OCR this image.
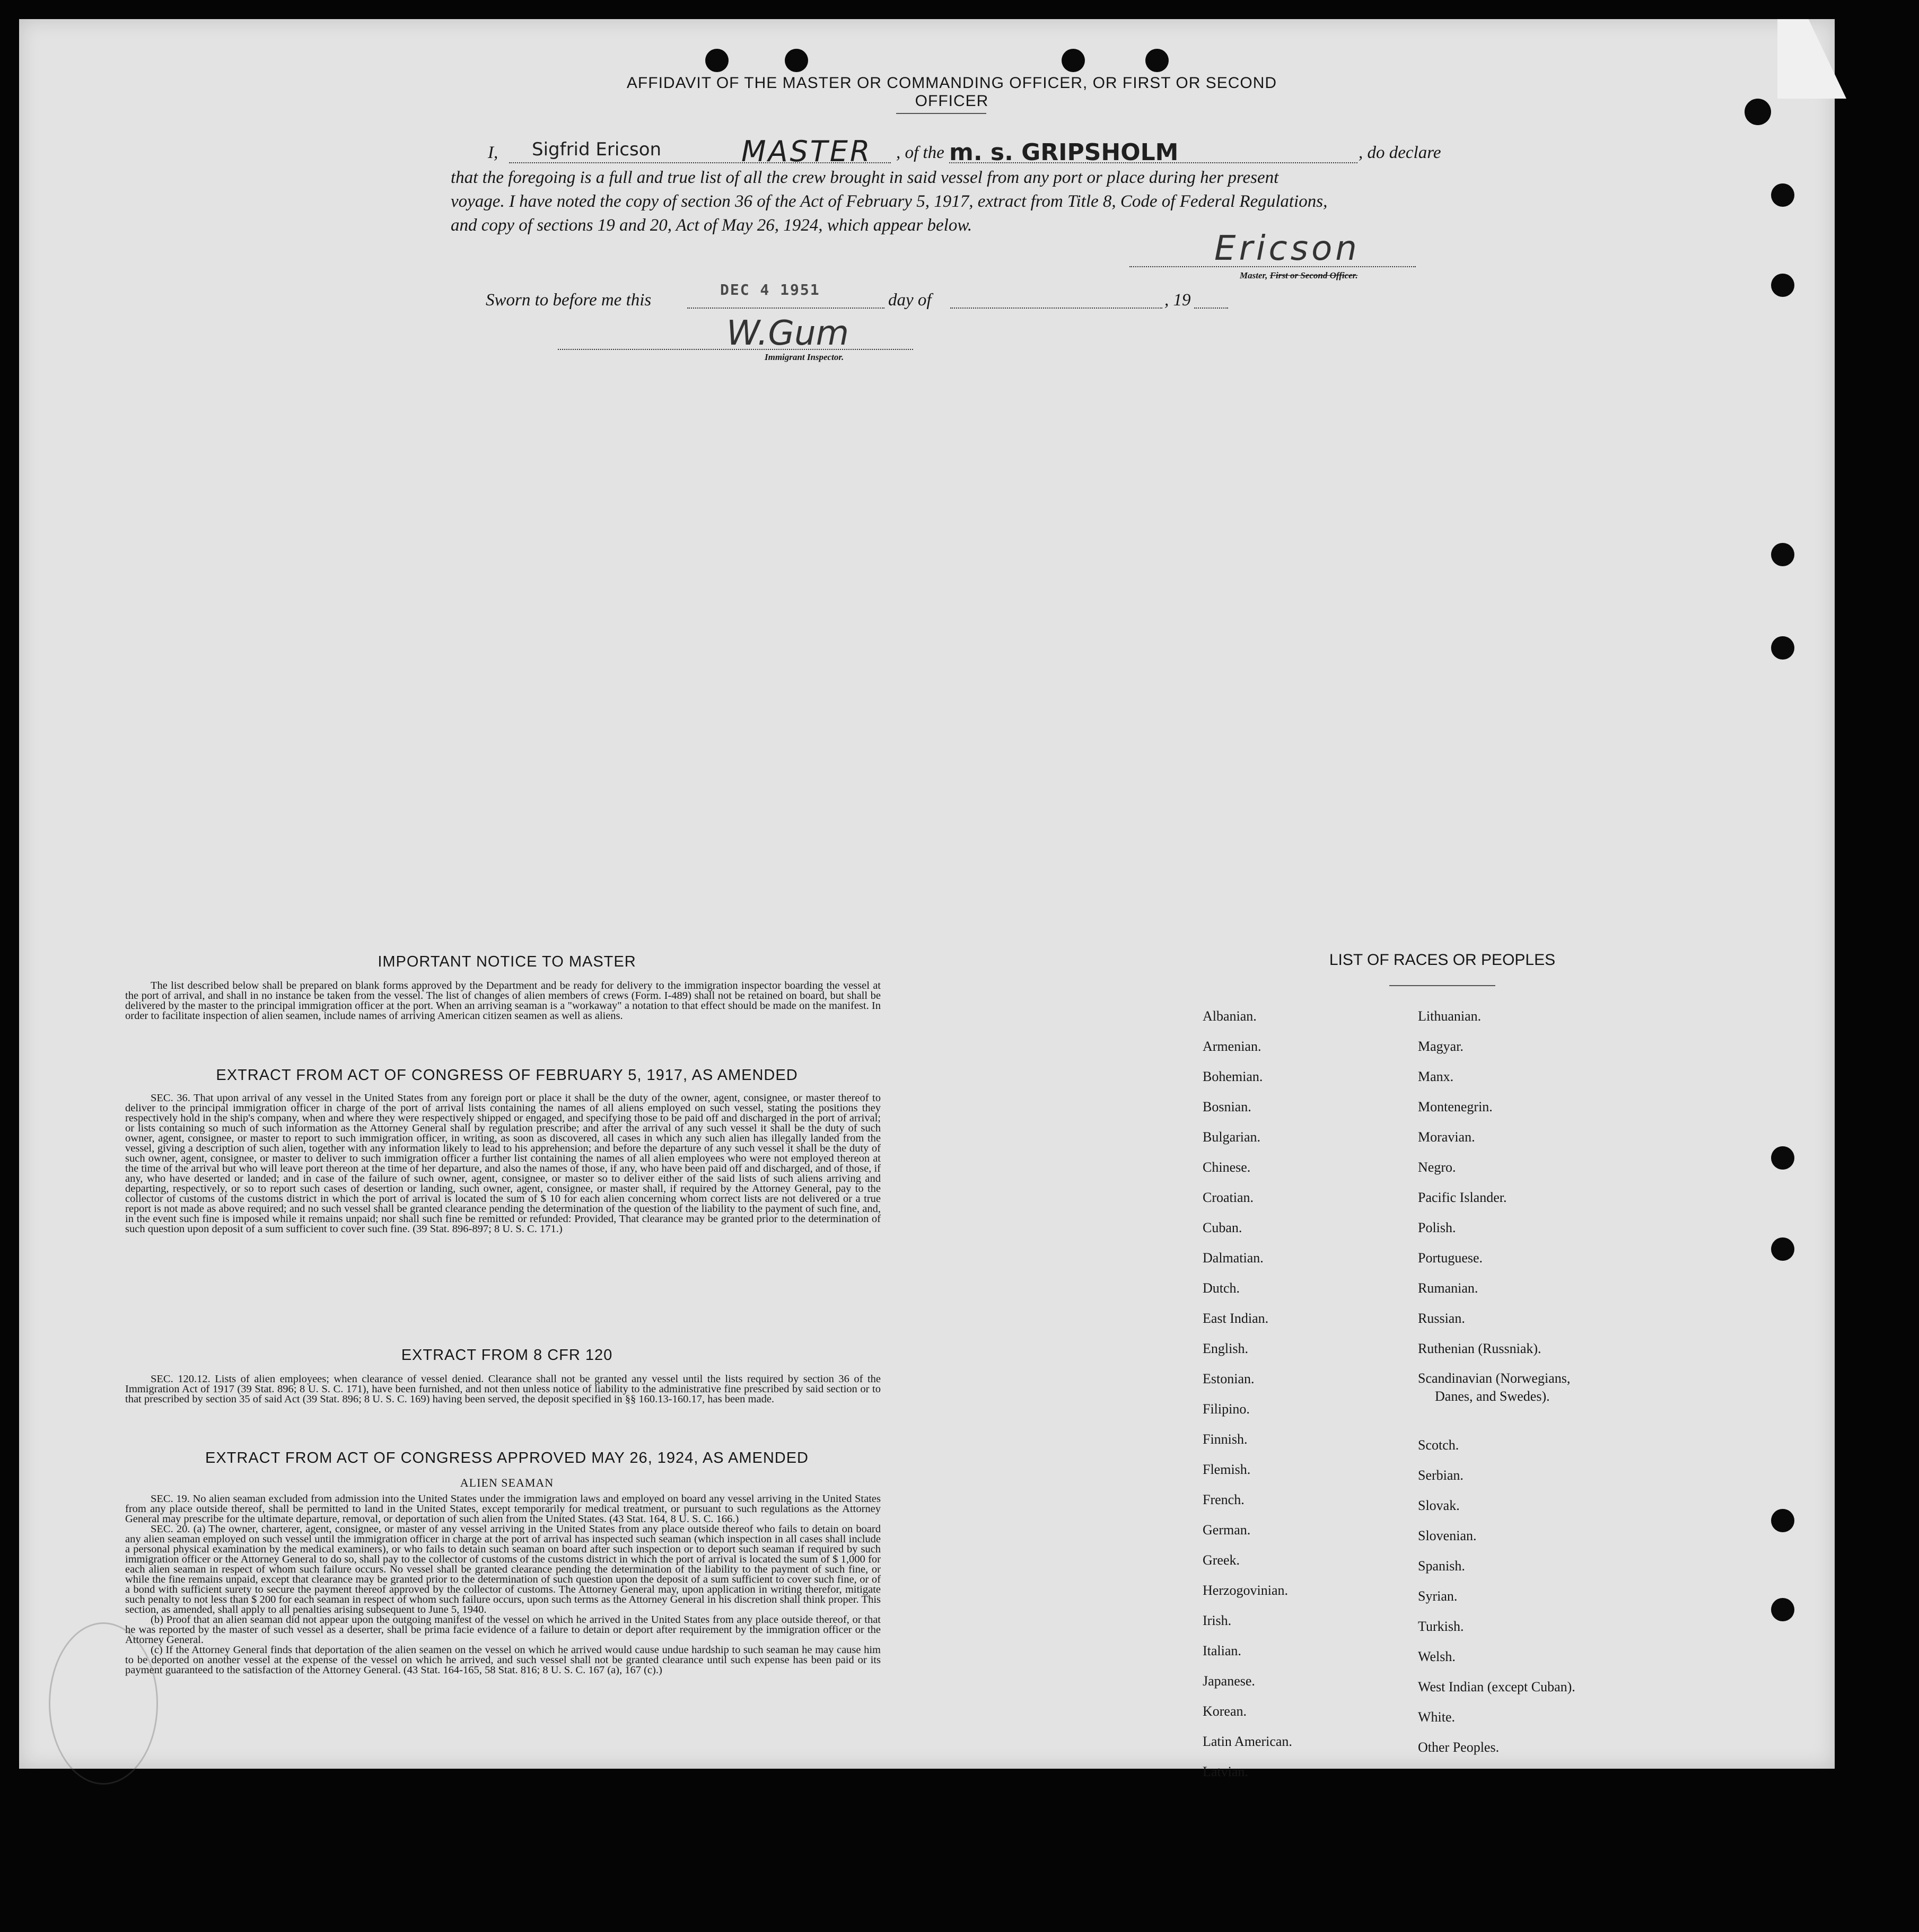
AFFIDAVIT OF THE MASTER OR COMMANDING OFFICER, OR FIRST OR SECOND OFFICER
I, Sigfrid Ericson	MASTER , of the m. s. GRIPSHOLM	, do declare
that the foregoing is a full and true list of all the crew brought in said vessel from any port or place during her present
voyage. I have noted the copy of section 36 of the Act of February 5, 1917, extract from Title 8, Code of Federal Regulations,
and copy of sections 19 and 20, Act of May 26, 1924, which appear below.
Ericson
Master, First or Second Officer.
Sworn to before me this
DEC 4 1951
day of	, 19
W.Gum
Immigrant Inspector.
IMPORTANT NOTICE TO MASTER

The list described below shall be prepared on blank forms approved by the Department and be ready for delivery to the immigration inspector boarding the vessel at the port of arrival, and shall in no instance be taken from the vessel. The list of changes of alien members of crews (Form. I-489) shall not be retained on board, but shall be delivered by the master to the principal immigration officer at the port. When an arriving seaman is a "workaway" a notation to that effect should be made on the manifest. In order to facilitate inspection of alien seamen, include names of arriving American citizen seamen as well as aliens.

EXTRACT FROM ACT OF CONGRESS OF FEBRUARY 5, 1917, AS AMENDED

SEC. 36. That upon arrival of any vessel in the United States from any foreign port or place it shall be the duty of the owner, agent, consignee, or master thereof to deliver to the principal immigration officer in charge of the port of arrival lists containing the names of all aliens employed on such vessel, stating the positions they respectively hold in the ship's company, when and where they were respectively shipped or engaged, and specifying those to be paid off and discharged in the port of arrival; or lists containing so much of such information as the Attorney General shall by regulation prescribe; and after the arrival of any such vessel it shall be the duty of such owner, agent, consignee, or master to report to such immigration officer, in writing, as soon as discovered, all cases in which any such alien has illegally landed from the vessel, giving a description of such alien, together with any information likely to lead to his apprehension; and before the departure of any such vessel it shall be the duty of such owner, agent, consignee, or master to deliver to such immigration officer a further list containing the names of all alien employees who were not employed thereon at the time of the arrival but who will leave port thereon at the time of her departure, and also the names of those, if any, who have been paid off and discharged, and of those, if any, who have deserted or landed; and in case of the failure of such owner, agent, consignee, or master so to deliver either of the said lists of such aliens arriving and departing, respectively, or so to report such cases of desertion or landing, such owner, agent, consignee, or master shall, if required by the Attorney General, pay to the collector of customs of the customs district in which the port of arrival is located the sum of $ 10 for each alien concerning whom correct lists are not delivered or a true report is not made as above required; and no such vessel shall be granted clearance pending the determination of the question of the liability to the payment of such fine, and, in the event such fine is imposed while it remains unpaid; nor shall such fine be remitted or refunded: Provided, That clearance may be granted prior to the determination of such question upon deposit of a sum sufficient to cover such fine. (39 Stat. 896-897; 8 U. S. C. 171.)

EXTRACT FROM 8 CFR 120

SEC. 120.12. Lists of alien employees; when clearance of vessel denied. Clearance shall not be granted any vessel until the lists required by section 36 of the Immigration Act of 1917 (39 Stat. 896; 8 U. S. C. 171), have been furnished, and not then unless notice of liability to the administrative fine prescribed by said section or to that prescribed by section 35 of said Act (39 Stat. 896; 8 U. S. C. 169) having been served, the deposit specified in §§ 160.13-160.17, has been made.

EXTRACT FROM ACT OF CONGRESS APPROVED MAY 26, 1924, AS AMENDED
ALIEN SEAMAN

SEC. 19. No alien seaman excluded from admission into the United States under the immigration laws and employed on board any vessel arriving in the United States from any place outside thereof, shall be permitted to land in the United States, except temporarily for medical treatment, or pursuant to such regulations as the Attorney General may prescribe for the ultimate departure, removal, or deportation of such alien from the United States. (43 Stat. 164, 8 U. S. C. 166.)

SEC. 20. (a) The owner, charterer, agent, consignee, or master of any vessel arriving in the United States from any place outside thereof who fails to detain on board any alien seaman employed on such vessel until the immigration officer in charge at the port of arrival has inspected such seaman (which inspection in all cases shall include a personal physical examination by the medical examiners), or who fails to detain such seaman on board after such inspection or to deport such seaman if required by such immigration officer or the Attorney General to do so, shall pay to the collector of customs of the customs district in which the port of arrival is located the sum of $ 1,000 for each alien seaman in respect of whom such failure occurs. No vessel shall be granted clearance pending the determination of the liability to the payment of such fine, or while the fine remains unpaid, except that clearance may be granted prior to the determination of such question upon the deposit of a sum sufficient to cover such fine, or of a bond with sufficient surety to secure the payment thereof approved by the collector of customs. The Attorney General may, upon application in writing therefor, mitigate such penalty to not less than $ 200 for each seaman in respect of whom such failure occurs, upon such terms as the Attorney General in his discretion shall think proper. This section, as amended, shall apply to all penalties arising subsequent to June 5, 1940.

(b) Proof that an alien seaman did not appear upon the outgoing manifest of the vessel on which he arrived in the United States from any place outside thereof, or that he was reported by the master of such vessel as a deserter, shall be prima facie evidence of a failure to detain or deport after requirement by the immigration officer or the Attorney General.

(c) If the Attorney General finds that deportation of the alien seamen on the vessel on which he arrived would cause undue hardship to such seaman he may cause him to be deported on another vessel at the expense of the vessel on which he arrived, and such vessel shall not be granted clearance until such expense has been paid or its payment guaranteed to the satisfaction of the Attorney General. (43 Stat. 164-165, 58 Stat. 816; 8 U. S. C. 167 (a), 167 (c).)

LIST OF RACES OR PEOPLES
Albanian.
Armenian.
Bohemian.
Bosnian.
Bulgarian.
Chinese.
Croatian.
Cuban.
Dalmatian.
Dutch.
East Indian.
English.
Estonian.
Filipino.
Finnish.
Flemish.
French.
German.
Greek.
Herzogovinian.
Irish.
Italian.
Japanese.
Korean.
Latin American.
Latvian.
Lithuanian.
Magyar.
Manx.
Montenegrin.
Moravian.
Negro.
Pacific Islander.
Polish.
Portuguese.
Rumanian.
Russian.
Ruthenian (Russniak).
Scandinavian (Norwegians,
Danes, and Swedes).
Scotch.
Serbian.
Slovak.
Slovenian.
Spanish.
Syrian.
Turkish.
Welsh.
West Indian (except Cuban).
White.
Other Peoples.
